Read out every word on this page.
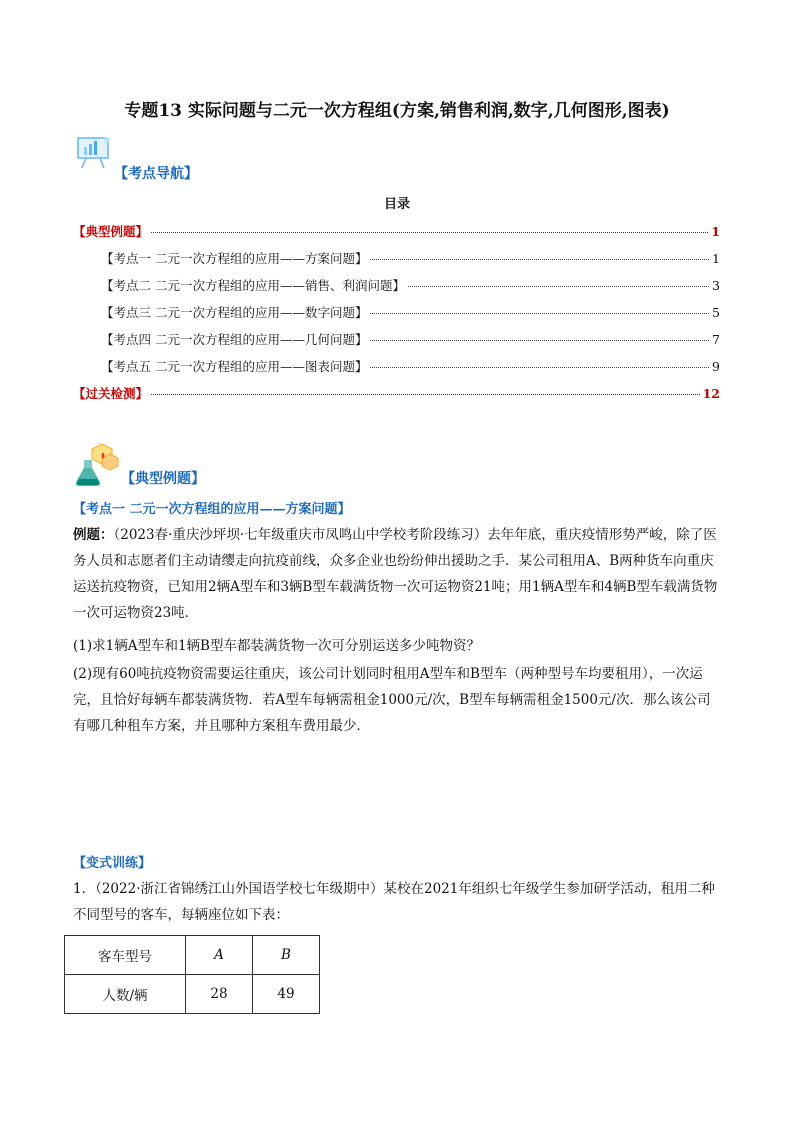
专题13 实际问题与二元一次方程组(方案,销售利润,数字,几何图形,图表)
【考点导航】
目录
【典型例题】	1
【考点一 二元一次方程组的应用——方案问题】	1
【考点二 二元一次方程组的应用——销售、利润问题】	3
【考点三 二元一次方程组的应用——数字问题】	5
【考点四 二元一次方程组的应用——几何问题】	7
【考点五 二元一次方程组的应用——图表问题】	9
【过关检测】	12
【典型例题】
【考点一 二元一次方程组的应用——方案问题】
例题：（2023春·重庆沙坪坝·七年级重庆市凤鸣山中学校考阶段练习）去年年底，重庆疫情形势严峻，除了医务人员和志愿者们主动请缨走向抗疫前线，众多企业也纷纷伸出援助之手．某公司租用A、B两种货车向重庆运送抗疫物资，已知用2辆A型车和3辆B型车载满货物一次可运物资21吨；用1辆A型车和4辆B型车载满货物一次可运物资23吨．
(1)求1辆A型车和1辆B型车都装满货物一次可分别运送多少吨物资？
(2)现有60吨抗疫物资需要运往重庆，该公司计划同时租用A型车和B型车（两种型号车均要租用），一次运完，且恰好每辆车都装满货物．若A型车每辆需租金1000元/次，B型车每辆需租金1500元/次．那么该公司有哪几种租车方案，并且哪种方案租车费用最少．
【变式训练】
1．（2022·浙江省锦绣江山外国语学校七年级期中）某校在2021年组织七年级学生参加研学活动，租用二种不同型号的客车，每辆座位如下表：
客车型号	A	B
人数/辆	28	49
